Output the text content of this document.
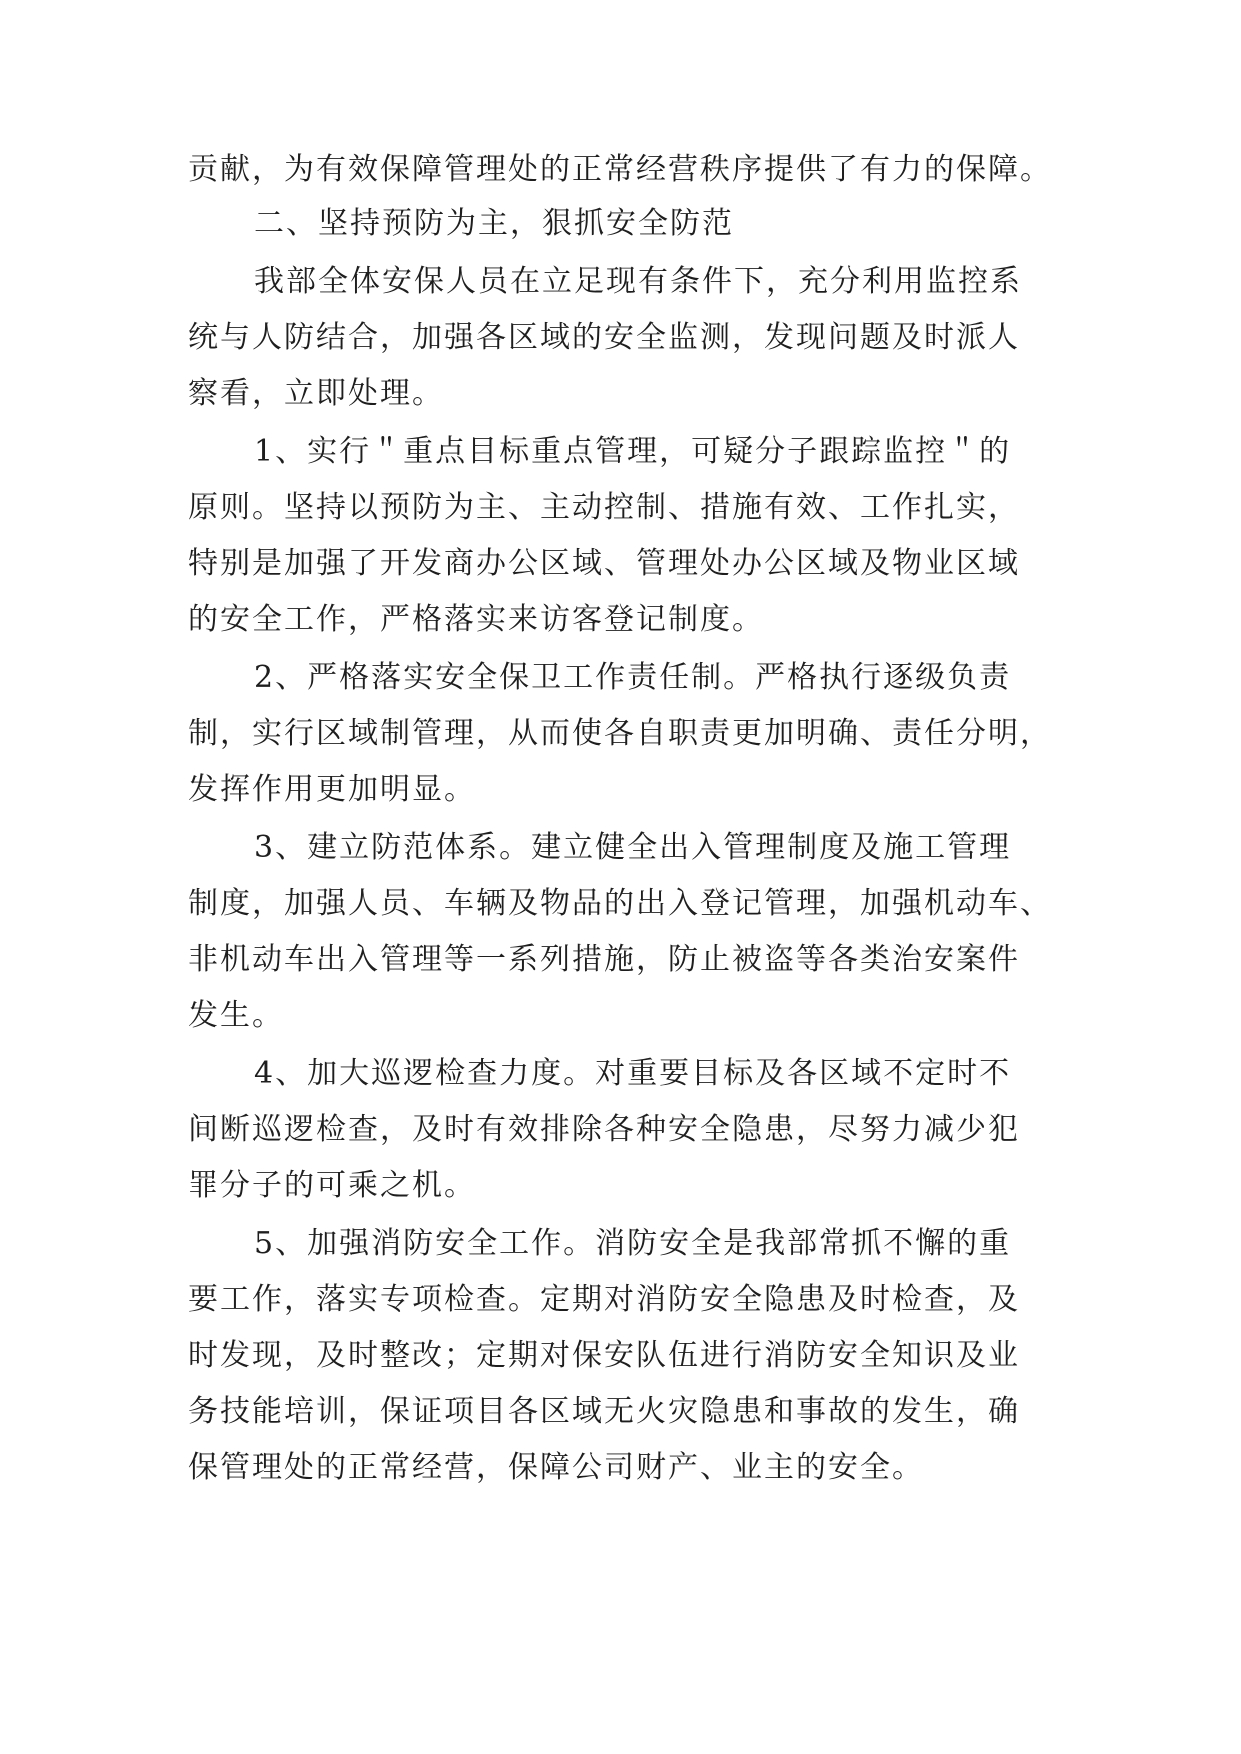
贡献，为有效保障管理处的正常经营秩序提供了有力的保障。

二、坚持预防为主，狠抓安全防范

我部全体安保人员在立足现有条件下，充分利用监控系

统与人防结合，加强各区域的安全监测，发现问题及时派人

察看，立即处理。

1、实行＂重点目标重点管理，可疑分子跟踪监控＂的

原则。坚持以预防为主、主动控制、措施有效、工作扎实，

特别是加强了开发商办公区域、管理处办公区域及物业区域

的安全工作，严格落实来访客登记制度。

2、严格落实安全保卫工作责任制。严格执行逐级负责

制，实行区域制管理，从而使各自职责更加明确、责任分明，

发挥作用更加明显。

3、建立防范体系。建立健全出入管理制度及施工管理

制度，加强人员、车辆及物品的出入登记管理，加强机动车、

非机动车出入管理等一系列措施，防止被盗等各类治安案件

发生。

4、加大巡逻检查力度。对重要目标及各区域不定时不

间断巡逻检查，及时有效排除各种安全隐患，尽努力减少犯

罪分子的可乘之机。

5、加强消防安全工作。消防安全是我部常抓不懈的重

要工作，落实专项检查。定期对消防安全隐患及时检查，及

时发现，及时整改；定期对保安队伍进行消防安全知识及业

务技能培训，保证项目各区域无火灾隐患和事故的发生，确

保管理处的正常经营，保障公司财产、业主的安全。
